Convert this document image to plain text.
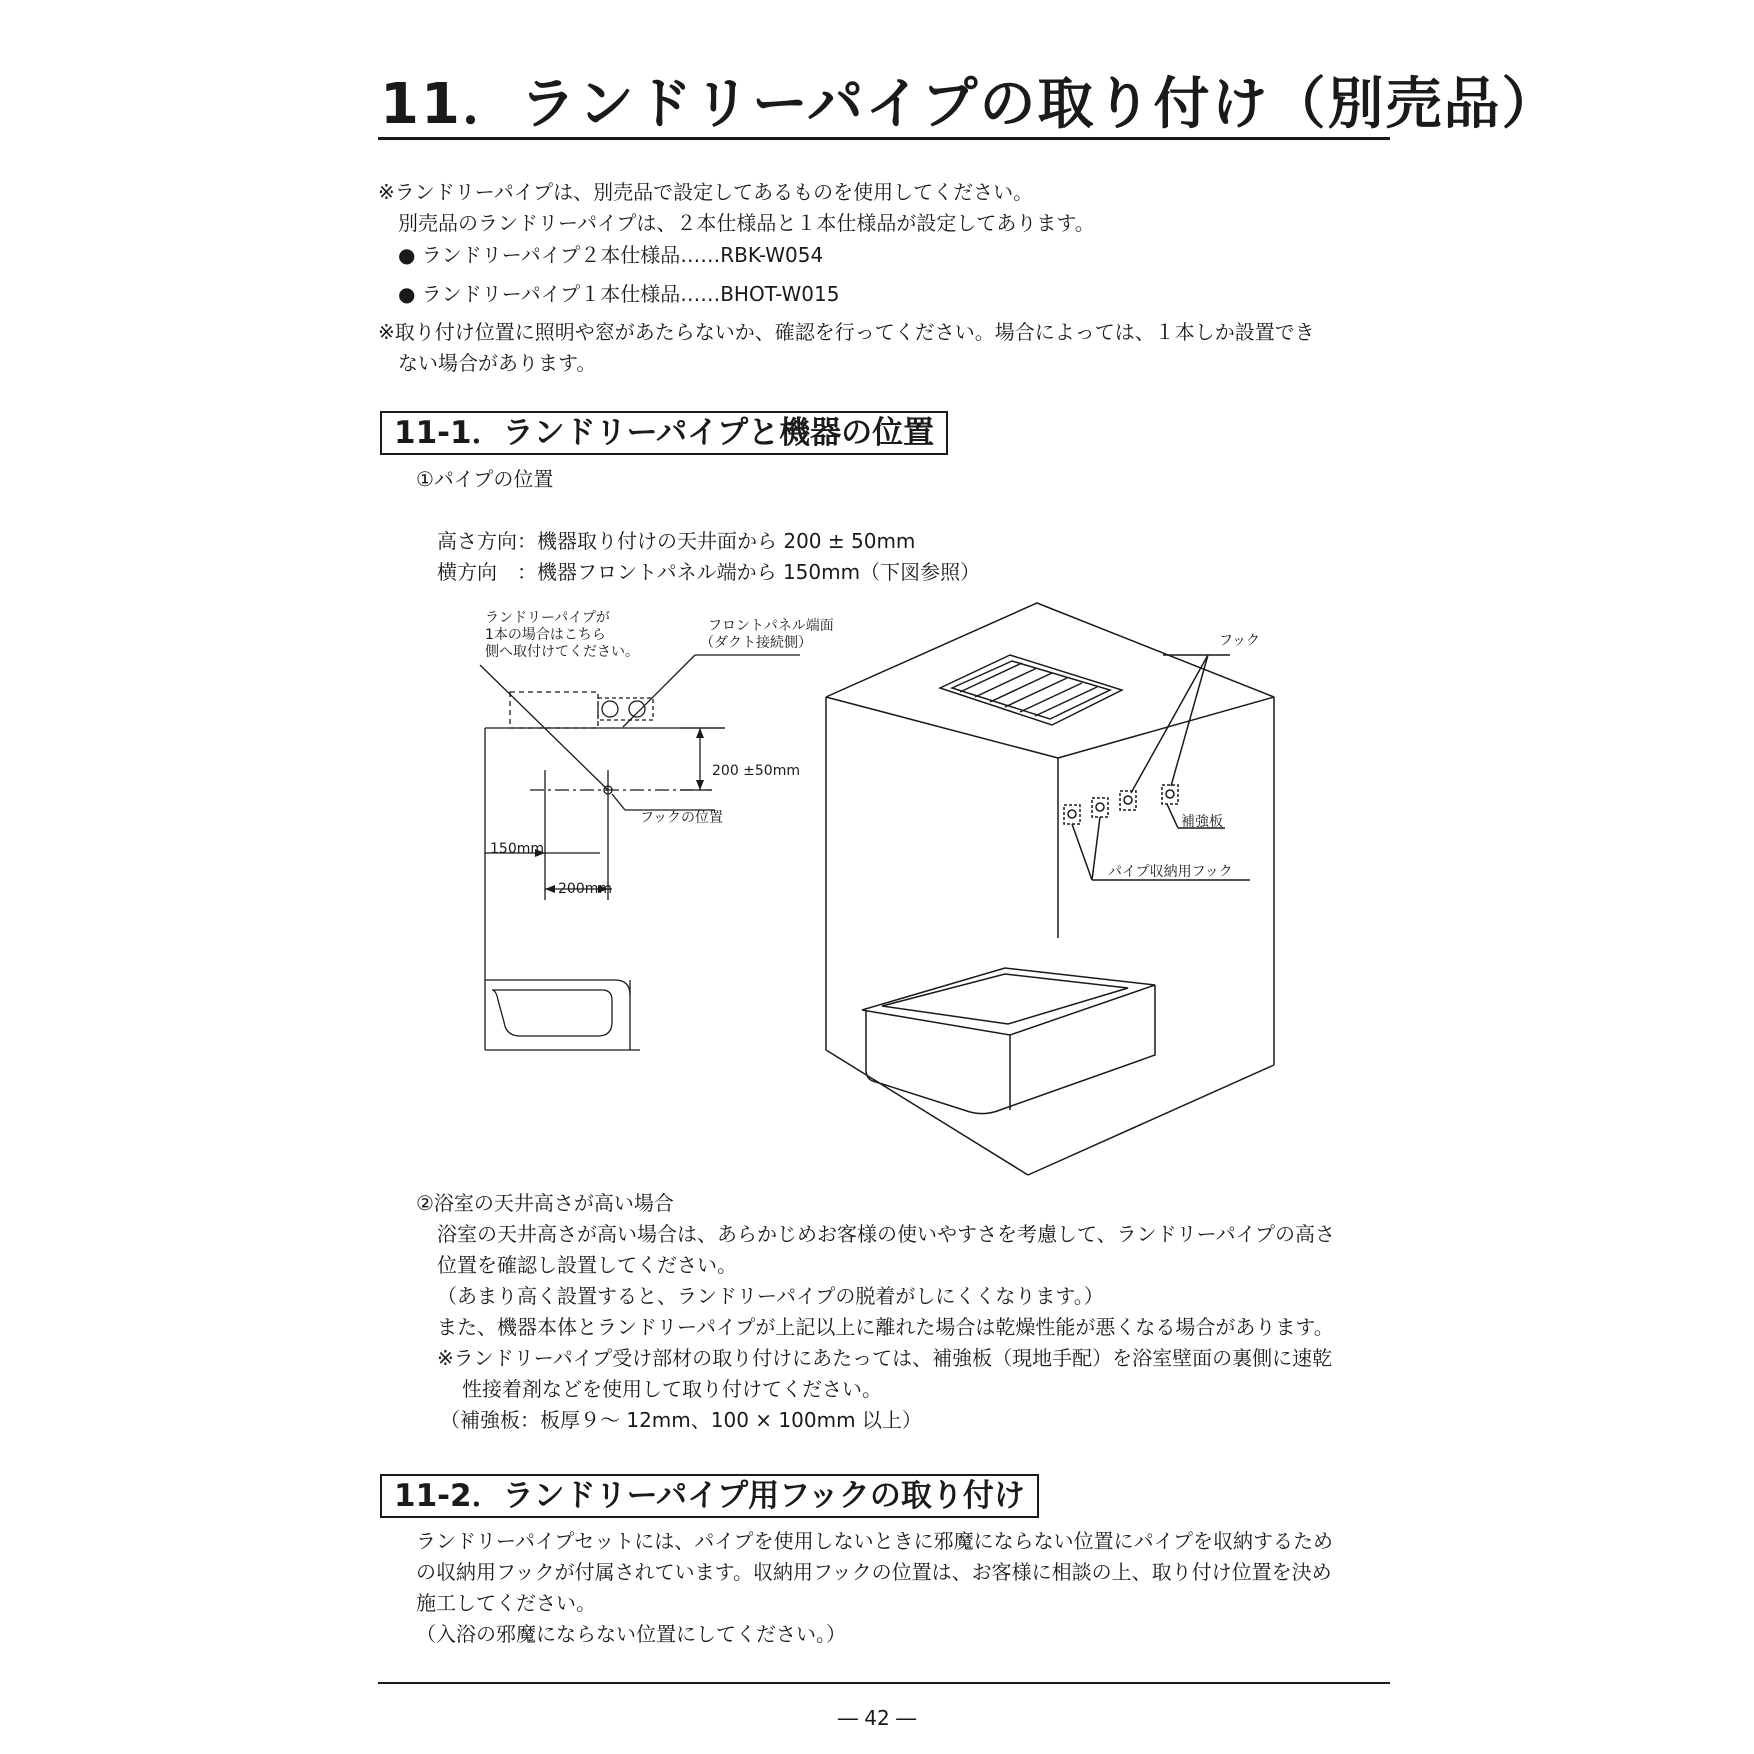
11．ランドリーパイプの取り付け（別売品）
※ランドリーパイプは、別売品で設定してあるものを使用してください。
別売品のランドリーパイプは、２本仕様品と１本仕様品が設定してあります。
● ランドリーパイプ２本仕様品……RBK-W054
● ランドリーパイプ１本仕様品……BHOT-W015
※取り付け位置に照明や窓があたらないか、確認を行ってください。場合によっては、１本しか設置でき
ない場合があります。
11-1．ランドリーパイプと機器の位置
①パイプの位置
高さ方向：機器取り付けの天井面から 200 ± 50mm
横方向　：機器フロントパネル端から 150mm（下図参照）
ランドリーパイプが
1本の場合はこちら
側へ取付けてください。
フロントパネル端面
（ダクト接続側）
200 ±50mm
フックの位置
150mm
200mm
フック
補強板
パイプ収納用フック
②浴室の天井高さが高い場合
浴室の天井高さが高い場合は、あらかじめお客様の使いやすさを考慮して、ランドリーパイプの高さ
位置を確認し設置してください。
（あまり高く設置すると、ランドリーパイプの脱着がしにくくなります。）
また、機器本体とランドリーパイプが上記以上に離れた場合は乾燥性能が悪くなる場合があります。
※ランドリーパイプ受け部材の取り付けにあたっては、補強板（現地手配）を浴室壁面の裏側に速乾
性接着剤などを使用して取り付けてください。
（補強板：板厚９～ 12mm、100 × 100mm 以上）
11-2．ランドリーパイプ用フックの取り付け
ランドリーパイプセットには、パイプを使用しないときに邪魔にならない位置にパイプを収納するため
の収納用フックが付属されています。収納用フックの位置は、お客様に相談の上、取り付け位置を決め
施工してください。
（入浴の邪魔にならない位置にしてください。）
― 42 ―
